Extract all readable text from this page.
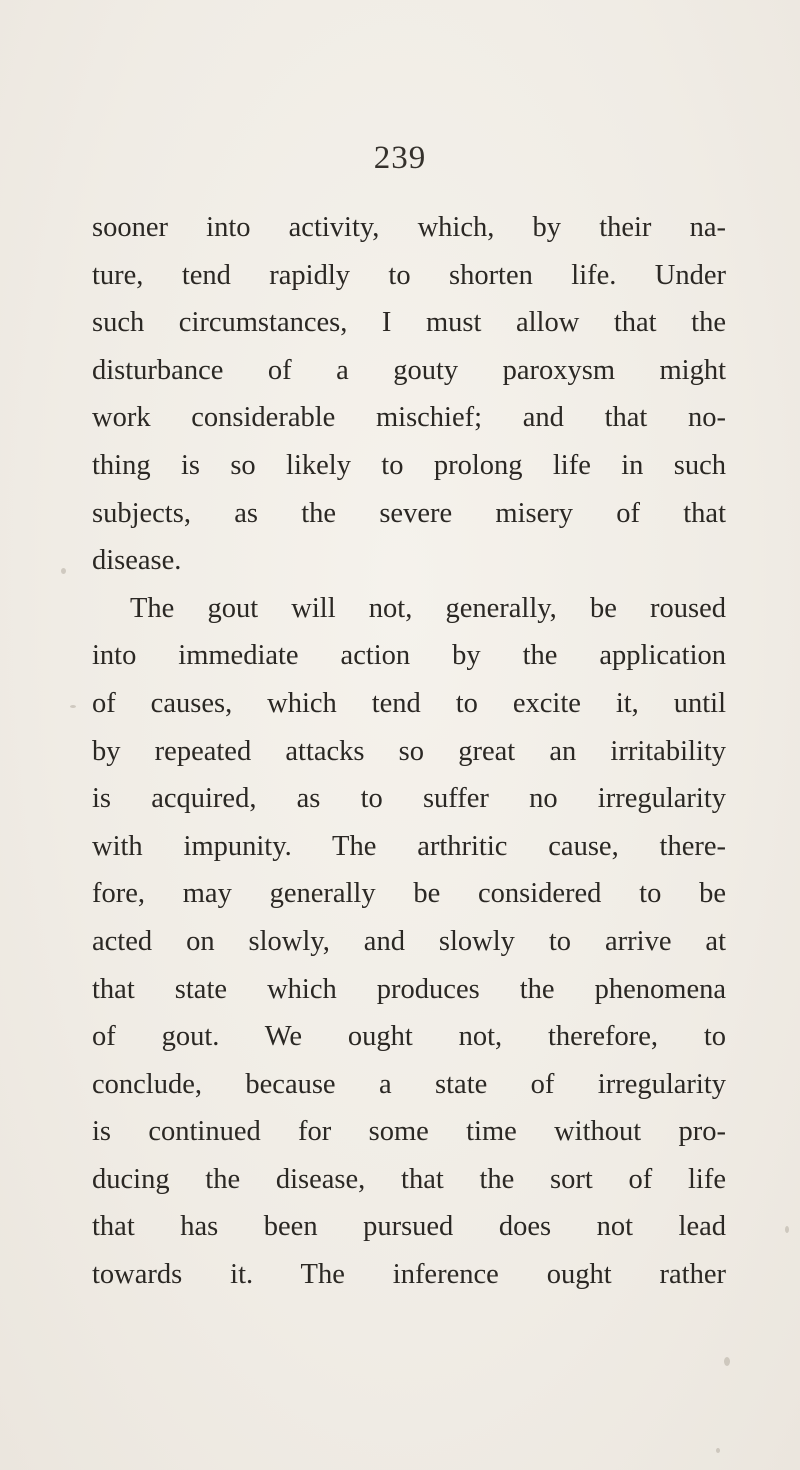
239
sooner into activity, which, by their na-
ture, tend rapidly to shorten life. Under
such circumstances, I must allow that the
disturbance of a gouty paroxysm might
work considerable mischief; and that no-
thing is so likely to prolong life in such
subjects, as the severe misery of that
disease.
The gout will not, generally, be roused
into immediate action by the application
of causes, which tend to excite it, until
by repeated attacks so great an irritability
is acquired, as to suffer no irregularity
with impunity. The arthritic cause, there-
fore, may generally be considered to be
acted on slowly, and slowly to arrive at
that state which produces the phenomena
of gout. We ought not, therefore, to
conclude, because a state of irregularity
is continued for some time without pro-
ducing the disease, that the sort of life
that has been pursued does not lead
towards it. The inference ought rather
